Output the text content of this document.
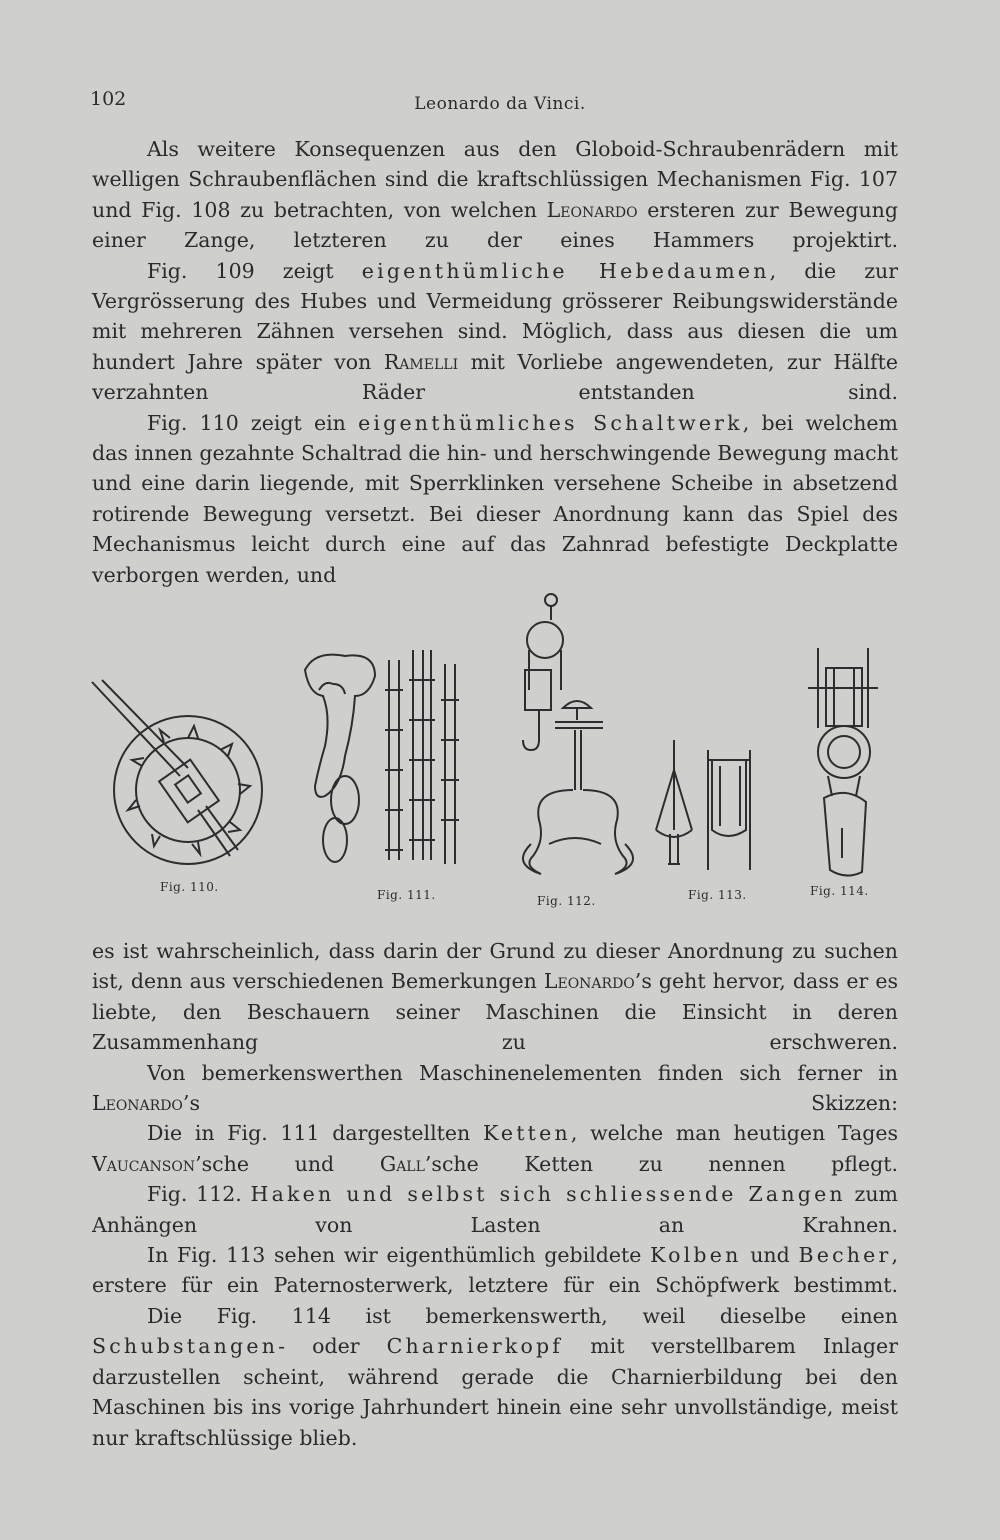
102	Leonardo da Vinci.

Als weitere Konsequenzen aus den Globoid-Schraubenrädern mit welligen Schraubenflächen sind die kraftschlüssigen Mechanismen Fig. 107 und Fig. 108 zu betrachten, von welchen Leonardo ersteren zur Bewegung einer Zange, letzteren zu der eines Hammers projektirt.

Fig. 109 zeigt eigenthümliche Hebedaumen, die zur Vergrösserung des Hubes und Vermeidung grösserer Reibungswiderstände mit mehreren Zähnen versehen sind. Möglich, dass aus diesen die um hundert Jahre später von Ramelli mit Vorliebe angewendeten, zur Hälfte verzahnten Räder entstanden sind.

Fig. 110 zeigt ein eigenthümliches Schaltwerk, bei welchem das innen gezahnte Schaltrad die hin- und herschwingende Bewegung macht und eine darin liegende, mit Sperrklinken versehene Scheibe in absetzend rotirende Bewegung versetzt. Bei dieser Anordnung kann das Spiel des Mechanismus leicht durch eine auf das Zahnrad befestigte Deckplatte verborgen werden, und

Fig. 110.
Fig. 111.	Fig. 112.	Fig. 113.	Fig. 114.

es ist wahrscheinlich, dass darin der Grund zu dieser Anordnung zu suchen ist, denn aus verschiedenen Bemerkungen Leonardo’s geht hervor, dass er es liebte, den Beschauern seiner Maschinen die Einsicht in deren Zusammenhang zu erschweren.

Von bemerkenswerthen Maschinenelementen finden sich ferner in Leonardo’s Skizzen:

Die in Fig. 111 dargestellten Ketten, welche man heutigen Tages Vaucanson’sche und Gall’sche Ketten zu nennen pflegt.

Fig. 112. Haken und selbst sich schliessende Zangen zum Anhängen von Lasten an Krahnen.

In Fig. 113 sehen wir eigenthümlich gebildete Kolben und Becher, erstere für ein Paternosterwerk, letztere für ein Schöpfwerk bestimmt.

Die Fig. 114 ist bemerkenswerth, weil dieselbe einen Schubstangen- oder Charnierkopf mit verstellbarem Inlager darzustellen scheint, während gerade die Charnierbildung bei den Maschinen bis ins vorige Jahrhundert hinein eine sehr unvollständige, meist nur kraftschlüssige blieb.
